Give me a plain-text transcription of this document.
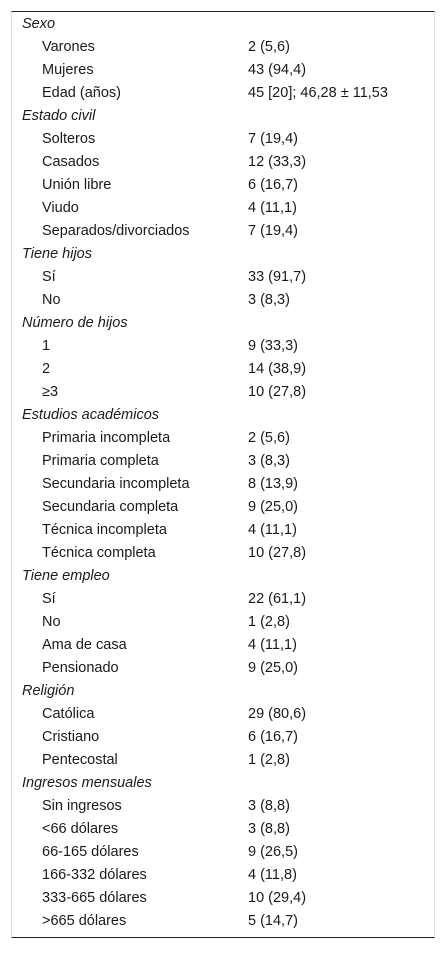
Sexo
Varones	2 (5,6)
Mujeres	43 (94,4)
Edad (años)	45 [20]; 46,28 ± 11,53
Estado civil
Solteros	7 (19,4)
Casados	12 (33,3)
Unión libre	6 (16,7)
Viudo	4 (11,1)
Separados/divorciados	7 (19,4)
Tiene hijos
Sí	33 (91,7)
No	3 (8,3)
Número de hijos
1	9 (33,3)
2	14 (38,9)
≥3	10 (27,8)
Estudios académicos
Primaria incompleta	2 (5,6)
Primaria completa	3 (8,3)
Secundaria incompleta	8 (13,9)
Secundaria completa	9 (25,0)
Técnica incompleta	4 (11,1)
Técnica completa	10 (27,8)
Tiene empleo
Sí	22 (61,1)
No	1 (2,8)
Ama de casa	4 (11,1)
Pensionado	9 (25,0)
Religión
Católica	29 (80,6)
Cristiano	6 (16,7)
Pentecostal	1 (2,8)
Ingresos mensuales
Sin ingresos	3 (8,8)
<66 dólares	3 (8,8)
66-165 dólares	9 (26,5)
166-332 dólares	4 (11,8)
333-665 dólares	10 (29,4)
>665 dólares	5 (14,7)
